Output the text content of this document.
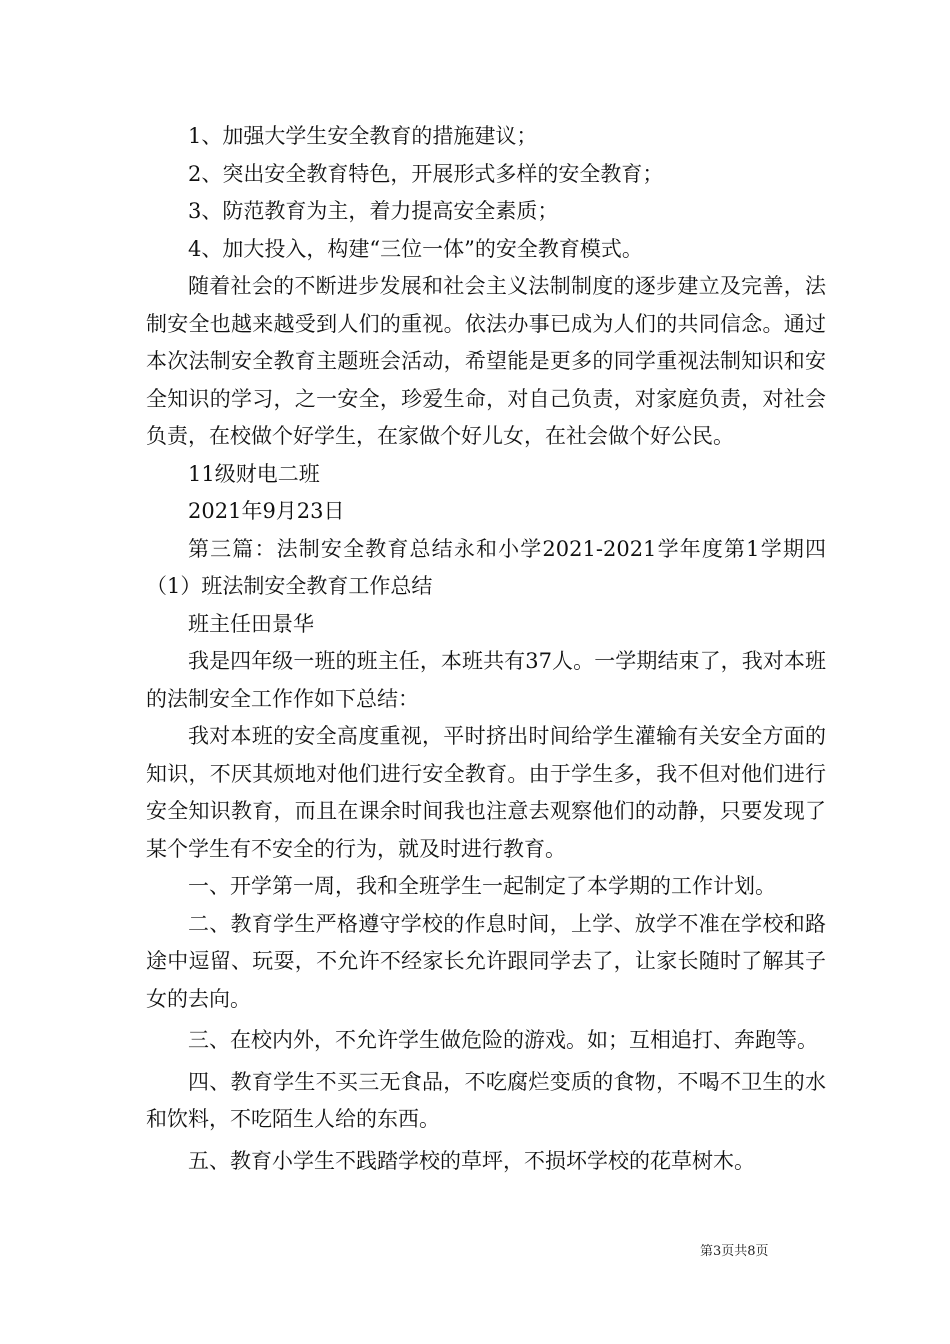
1、加强大学生安全教育的措施建议；

2、突出安全教育特色，开展形式多样的安全教育；

3、防范教育为主，着力提高安全素质；

4、加大投入，构建“三位一体”的安全教育模式。

随着社会的不断进步发展和社会主义法制制度的逐步建立及完善，法制安全也越来越受到人们的重视。依法办事已成为人们的共同信念。通过本次法制安全教育主题班会活动，希望能是更多的同学重视法制知识和安全知识的学习，之一安全，珍爱生命，对自己负责，对家庭负责，对社会负责，在校做个好学生，在家做个好儿女，在社会做个好公民。

11级财电二班

2021年9月23日

第三篇：法制安全教育总结永和小学2021-2021学年度第1学期四（1）班法制安全教育工作总结

班主任田景华

我是四年级一班的班主任，本班共有37人。一学期结束了，我对本班的法制安全工作作如下总结：

我对本班的安全高度重视，平时挤出时间给学生灌输有关安全方面的知识，不厌其烦地对他们进行安全教育。由于学生多，我不但对他们进行安全知识教育，而且在课余时间我也注意去观察他们的动静，只要发现了某个学生有不安全的行为，就及时进行教育。

一、开学第一周，我和全班学生一起制定了本学期的工作计划。

二、教育学生严格遵守学校的作息时间，上学、放学不准在学校和路途中逗留、玩耍，不允许不经家长允许跟同学去了，让家长随时了解其子女的去向。

三、在校内外，不允许学生做危险的游戏。如；互相追打、奔跑等。

四、教育学生不买三无食品，不吃腐烂变质的食物，不喝不卫生的水和饮料，不吃陌生人给的东西。

五、教育小学生不践踏学校的草坪，不损坏学校的花草树木。

第3页共8页
